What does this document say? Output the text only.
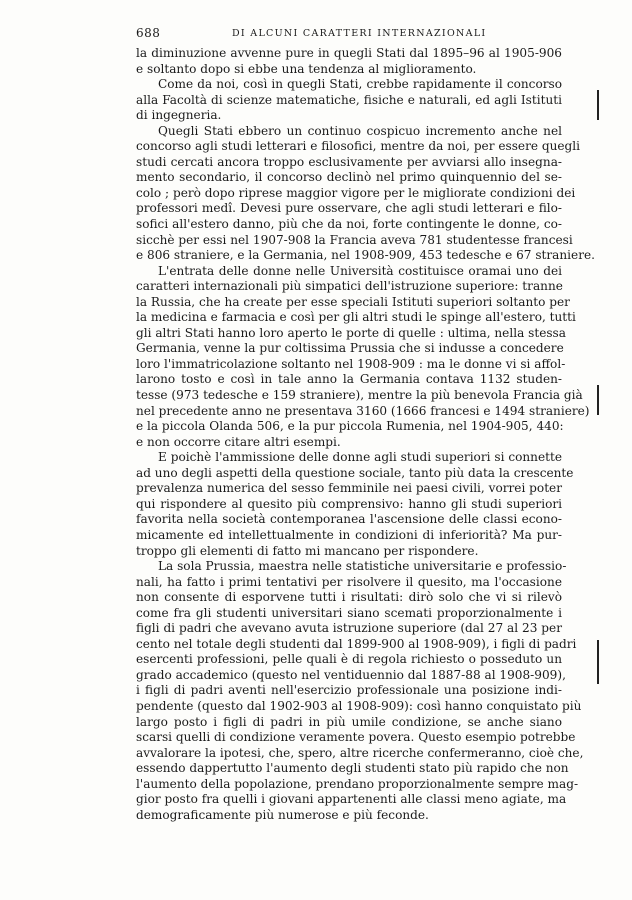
688	DI ALCUNI CARATTERI INTERNAZIONALI
la diminuzione avvenne pure in quegli Stati dal 1895–96 al 1905-906
e soltanto dopo si ebbe una tendenza al miglioramento.
Come da noi, così in quegli Stati, crebbe rapidamente il concorso
alla Facoltà di scienze matematiche, fisiche e naturali, ed agli Istituti
di ingegneria.
Quegli Stati ebbero un continuo cospicuo incremento anche nel
concorso agli studi letterari e filosofici, mentre da noi, per essere quegli
studi cercati ancora troppo esclusivamente per avviarsi allo insegna-
mento secondario, il concorso declinò nel primo quinquennio del se-
colo ; però dopo riprese maggior vigore per le migliorate condizioni dei
professori medî. Devesi pure osservare, che agli studi letterari e filo-
sofici all'estero danno, più che da noi, forte contingente le donne, co-
sicchè per essi nel 1907-908 la Francia aveva 781 studentesse francesi
e 806 straniere, e la Germania, nel 1908-909, 453 tedesche e 67 straniere.
L'entrata delle donne nelle Università costituisce oramai uno dei
caratteri internazionali più simpatici dell'istruzione superiore: tranne
la Russia, che ha create per esse speciali Istituti superiori soltanto per
la medicina e farmacia e così per gli altri studi le spinge all'estero, tutti
gli altri Stati hanno loro aperto le porte di quelle : ultima, nella stessa
Germania, venne la pur coltissima Prussia che si indusse a concedere
loro l'immatricolazione soltanto nel 1908-909 : ma le donne vi si affol-
larono tosto e così in tale anno la Germania contava 1132 studen-
tesse (973 tedesche e 159 straniere), mentre la più benevola Francia già
nel precedente anno ne presentava 3160 (1666 francesi e 1494 straniere)
e la piccola Olanda 506, e la pur piccola Rumenia, nel 1904-905, 440:
e non occorre citare altri esempi.
E poichè l'ammissione delle donne agli studi superiori si connette
ad uno degli aspetti della questione sociale, tanto più data la crescente
prevalenza numerica del sesso femminile nei paesi civili, vorrei poter
qui rispondere al quesito più comprensivo: hanno gli studi superiori
favorita nella società contemporanea l'ascensione delle classi econo-
micamente ed intellettualmente in condizioni di inferiorità? Ma pur-
troppo gli elementi di fatto mi mancano per rispondere.
La sola Prussia, maestra nelle statistiche universitarie e professio-
nali, ha fatto i primi tentativi per risolvere il quesito, ma l'occasione
non consente di esporvene tutti i risultati: dirò solo che vi si rilevò
come fra gli studenti universitari siano scemati proporzionalmente i
figli di padri che avevano avuta istruzione superiore (dal 27 al 23 per
cento nel totale degli studenti dal 1899-900 al 1908-909), i figli di padri
esercenti professioni, pelle quali è di regola richiesto o posseduto un
grado accademico (questo nel ventiduennio dal 1887-88 al 1908-909),
i figli di padri aventi nell'esercizio professionale una posizione indi-
pendente (questo dal 1902-903 al 1908-909): così hanno conquistato più
largo posto i figli di padri in più umile condizione, se anche siano
scarsi quelli di condizione veramente povera. Questo esempio potrebbe
avvalorare la ipotesi, che, spero, altre ricerche confermeranno, cioè che,
essendo dappertutto l'aumento degli studenti stato più rapido che non
l'aumento della popolazione, prendano proporzionalmente sempre mag-
gior posto fra quelli i giovani appartenenti alle classi meno agiate, ma
demograficamente più numerose e più feconde.
